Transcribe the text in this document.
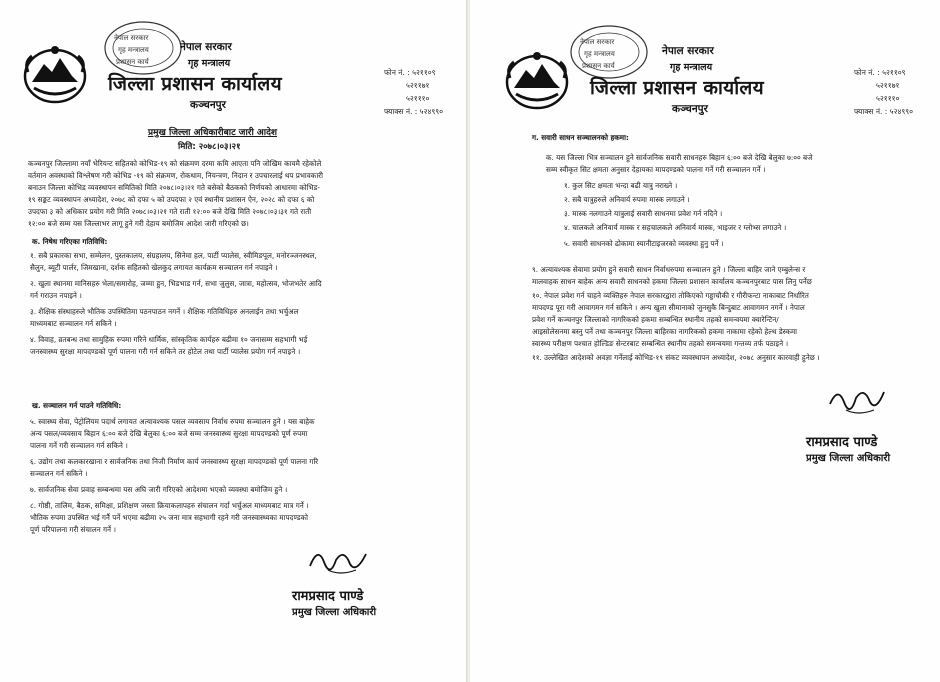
नेपाल सरकार
गृह मन्त्रालय
प्रशासन कार्य
नेपाल सरकार
गृह मन्त्रालय
जिल्ला प्रशासन कार्यालय
कञ्चनपुर
फोन नं. : ५२११०९
५२११७१
५२१११०
फ्याक्स नं. : ५२४९९०
प्रमुख जिल्ला अधिकारीबाट जारी आदेश
मिति: २०७८।०३।२१
कञ्चनपुर जिल्लामा नयाँ भेरियन्ट सहितको कोभिड-१९ को संक्रमण दरमा कमि आएता पनि जोखिम कायमै रहेकोले
वर्तमान अवस्थाको विश्लेषण गरी कोभिड -१९ को संक्रमण, रोकथाम, नियन्त्रण, निदान र उपचारलाई थप प्रभावकारी
बनाउन जिल्ला कोभिड व्यवस्थापन समितिको मिति २०७८।०३।२१ गते बसेको बैठकको निर्णयको आधारमा कोभिड-
१९ सङ्कट व्यवस्थापन अध्यादेश, २०७८ को दफा ५ को उपदफा २ एवं स्थानीय प्रशासन ऐन, २०२८ को दफा ६ को
उपदफा ३ को अधिकार प्रयोग गरी मिति २०७८।०३।२१ गते राती १२:०० बजे देखि मिति २०७८।०३।३१ गते राती
१२:०० बजे सम्म यस जिल्लाभर लागू हुने गरी देहाय बमोजिम आदेश जारी गरिएको छ।
क. निषेध गरिएका गतिविधि:
१. सबै प्रकारका सभा, सम्मेलन, पुस्तकालय, संग्रहालय, सिनेमा हल, पार्टी प्यालेस, स्वीमिङपूल, मनोरञ्जनस्थल,
सैलुन, ब्यूटी पार्लर, जिमखाना, दर्शक सहितको खेलकुद लगायत कार्यक्रम सञ्चालन गर्न नपाइने ।
२. खुला स्थानमा मानिसहरु भेला/समारोह, जम्मा हुन, भिडभाड गर्न, सभा जुलुस, जात्रा, महोत्सव, भोजभतेर आदि
गर्न गराउन नपाइने ।
३. शैक्षिक संस्थाहरुले भौतिक उपस्थितिमा पठनपाठन नगर्ने । शैक्षिक गतिविधिहरु अनलाईन तथा भर्चुअल
माध्यमबाट सञ्चालन गर्न सकिने ।
४. विवाह, व्रतबन्ध तथा सामुहिक रुपमा गरिने धार्मिक, सांस्कृतिक कार्यहरु बढीमा १० जनासम्म सहभागी भई
जनस्वास्थ्य सुरक्षा मापदण्डको पूर्ण पालना गरी गर्न सकिने तर होटेल तथा पार्टी प्यालेस प्रयोग गर्न नपाइने ।
ख. सञ्चालन गर्न पाउने गतिविधि:
५. स्वास्थ्य सेवा, पेट्रोलियम पदार्थ लगायत अत्यावश्यक पसल व्यवसाय निर्वाध रुपमा सञ्चालन हुने । यस बाहेक
अन्य पसल/व्यवसाय बिहान ६:०० बजे देखि बेलुका ६:०० बजे सम्म जनस्वास्थ्य सुरक्षा मापदण्डको पूर्ण रुपमा
पालना गर्ने गरी सञ्चालन गर्न सकिने ।
६. उद्योग तथा कलकारखाना र सार्वजनिक तथा निजी निर्माण कार्य जनस्वास्थ्य सुरक्षा मापदण्डको पूर्ण पालना गरि
सञ्चालन गर्न सकिने ।
७. सार्वजनिक सेवा प्रवाह सम्बन्धमा यस अघि जारी गरिएको आदेशमा भएको व्यवस्था बमोजिम हुने ।
८. गोष्ठी, तालिम, बैठक, समिक्षा, प्रशिक्षण जस्ता क्रियाकलापहरु संचालन गर्दा भर्चुअल माध्यमबाट मात्र गर्ने ।
भौतिक रुपमा उपस्थित भई गर्नै पर्ने भएमा बढीमा २५ जना मात्र सहभागी रहने गरी जनस्वास्थ्यका मापदण्डको
पूर्ण परिपालना गरी संचालन गर्ने ।
रामप्रसाद पाण्डे
प्रमुख जिल्ला अधिकारी
नेपाल सरकार
गृह मन्त्रालय
प्रशासन कार्य
नेपाल सरकार
गृह मन्त्रालय
जिल्ला प्रशासन कार्यालय
कञ्चनपुर
फोन नं. : ५२११०९
५२११७१
५२१११०
फ्याक्स नं. : ५२४९९०
ग. सवारी साधन सञ्चालनको हकमा:
क. यस जिल्ला भित्र सञ्चालन हुने सार्वजनिक सवारी साधनहरु बिहान ६:०० बजे देखि बेलुका ७:०० बजे
सम्म स्वीकृत सिट क्षमता अनुसार देहायका मापदण्डको पालना गर्ने गरी सञ्चालन गर्ने ।
१. कुल सिट क्षमता भन्दा बढी यात्रु नराख्ने ।
२. सबै यात्रुहरुले अनिवार्य रुपमा मास्क लगाउने ।
३. मास्क नलगाउने यात्रुलाई सवारी साधनमा प्रवेश गर्न नदिने ।
४. चालकले अनिवार्य मास्क र सहचालकले अनिवार्य मास्क, भाइजर र ग्लोभ्स लगाउने ।
५. सवारी साधनको ढोकामा स्यानीटाइजरको व्यवस्था हुनु पर्ने ।
९. अत्यावश्यक सेवामा प्रयोग हुने सवारी साधन निर्वाधरुपमा सञ्चालन हुने । जिल्ला बाहिर जाने एम्बुलेन्स र
मालवाहक साधन बाहेक अन्य सवारी साधनको हकमा जिल्ला प्रशासन कार्यालय कञ्चनपुरबाट पास लिनु पर्नेछ
१०. नेपाल प्रवेश गर्न चाहने व्यक्तिहरु नेपाल सरकारद्वारा तोकिएको गड्डाचौकी र गौरीफन्टा नाकाबाट निर्धारित
मापदण्ड पूरा गरी आवागमन गर्न सकिने । अन्य खुला सीमानाको जुनसुकै बिन्दुबाट आवागमन नगर्ने । नेपाल
प्रवेश गर्ने कञ्चनपुर जिल्लाको नागरिकको हकमा सम्बन्धित स्थानीय तहको समन्वयमा क्वारेन्टिन/
आइसोलेसनमा बस्नु पर्ने तथा कञ्चनपुर जिल्ला बाहिरका नागरिकको हकमा नाकामा रहेको हेल्थ डेस्कमा
स्वास्थ्य परीक्षण पश्चात होल्डिङ सेन्टरबाट सम्बन्धित स्थानीय तहको समन्वयमा गन्तव्य तर्फ पठाइने ।
११. उल्लेखित आदेशको अवज्ञा गर्नेलाई कोभिड-१९ संकट व्यवस्थापन अध्यादेश, २०७८ अनुसार कारवाही हुनेछ ।
रामप्रसाद पाण्डे
प्रमुख जिल्ला अधिकारी
